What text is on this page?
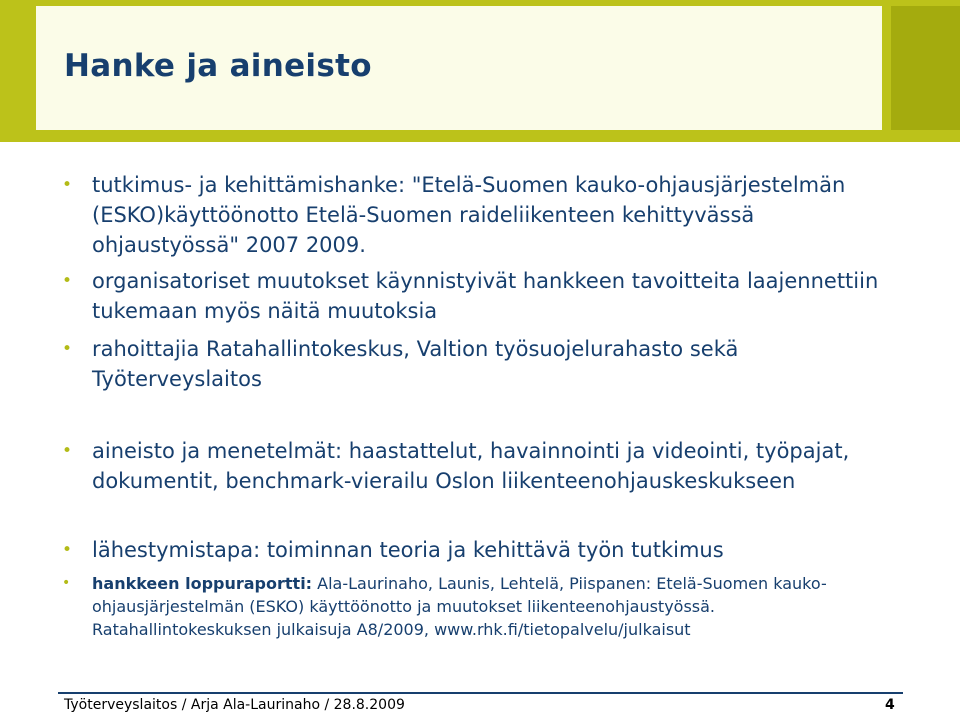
Hanke ja aineisto
• tutkimus- ja kehittämishanke: "Etelä-Suomen kauko-ohjausjärjestelmän (ESKO)käyttöönotto Etelä-Suomen raideliikenteen kehittyvässä ohjaustyössä" 2007 2009.
• organisatoriset muutokset käynnistyivät hankkeen tavoitteita laajennettiin tukemaan myös näitä muutoksia
• rahoittajia Ratahallintokeskus, Valtion työsuojelurahasto sekä Työterveyslaitos
• aineisto ja menetelmät: haastattelut, havainnointi ja videointi, työpajat, dokumentit, benchmark-vierailu Oslon liikenteenohjauskeskukseen
• lähestymistapa: toiminnan teoria ja kehittävä työn tutkimus
• hankkeen loppuraportti: Ala-Laurinaho, Launis, Lehtelä, Piispanen: Etelä-Suomen kauko-ohjausjärjestelmän (ESKO) käyttöönotto ja muutokset liikenteenohjaustyössä. Ratahallintokeskuksen julkaisuja A8/2009, www.rhk.fi/tietopalvelu/julkaisut
Työterveyslaitos / Arja Ala-Laurinaho / 28.8.2009	4
